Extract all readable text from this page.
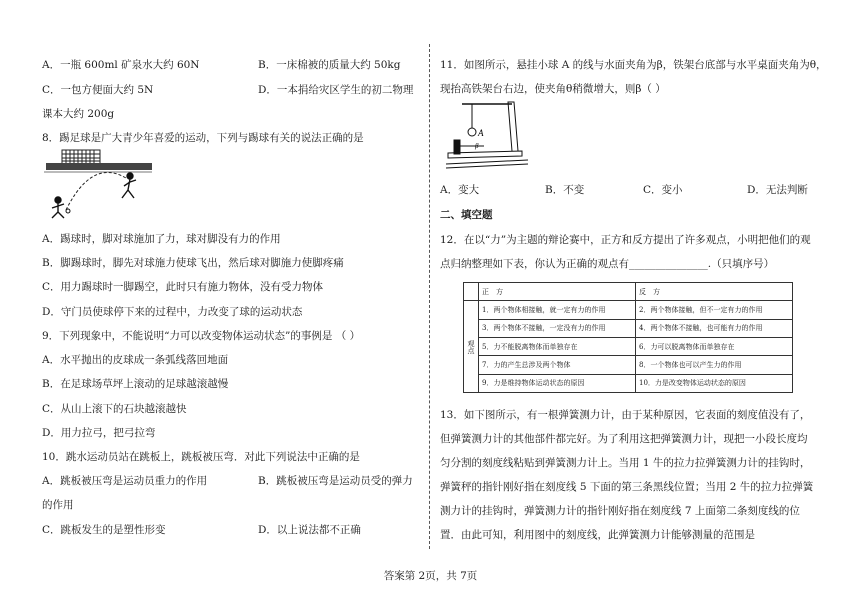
A．一瓶 600ml 矿泉水大约 60N	B．一床棉被的质量大约 50kg
C．一包方便面大约 5N	D．一本捐给灾区学生的初二物理
课本大约 200g
8．踢足球是广大青少年喜爱的运动，下列与踢球有关的说法正确的是
A．踢球时，脚对球施加了力，球对脚没有力的作用
B．脚踢球时，脚先对球施力使球飞出，然后球对脚施力使脚疼痛
C．用力踢球时一脚踢空，此时只有施力物体，没有受力物体
D．守门员使球停下来的过程中，力改变了球的运动状态
9．下列现象中，不能说明“力可以改变物体运动状态”的事例是 （ ）
A．水平抛出的皮球成一条弧线落回地面
B．在足球场草坪上滚动的足球越滚越慢
C．从山上滚下的石块越滚越快
D．用力拉弓，把弓拉弯
10．跳水运动员站在跳板上，跳板被压弯．对此下列说法中正确的是
A．跳板被压弯是运动员重力的作用	B．跳板被压弯是运动员受的弹力
的作用
C．跳板发生的是塑性形变	D．以上说法都不正确
11．如图所示，悬挂小球 A 的线与水面夹角为β，铁架台底部与水平桌面夹角为θ，
现抬高铁架台右边，使夹角θ稍微增大，则β（ ）
A
β
A．变大	B．不变	C．变小	D．无法判断
二、填空题
12．在以“力”为主题的辩论赛中，正方和反方提出了许多观点，小明把他们的观
点归纳整理如下表，你认为正确的观点有_______________.（只填序号）
	正　方	反　方
观点	1．两个物体相接触，就一定有力的作用	2．两个物体接触，但不一定有力的作用
	3．两个物体不接触，一定没有力的作用	4．两个物体不接触，也可能有力的作用
	5．力不能脱离物体而单独存在	6．力可以脱离物体而单独存在
	7．力的产生总涉及两个物体	8．一个物体也可以产生力的作用
	9．力是维持物体运动状态的原因	10．力是改变物体运动状态的原因
13．如下图所示，有一根弹簧测力计，由于某种原因，它表面的刻度值没有了，
但弹簧测力计的其他部件都完好。为了利用这把弹簧测力计，现把一小段长度均
匀分割的刻度线粘贴到弹簧测力计上。当用 1 牛的拉力拉弹簧测力计的挂钩时，
弹簧秤的指针刚好指在刻度线 5 下面的第三条黑线位置；当用 2 牛的拉力拉弹簧
测力计的挂钩时，弹簧测力计的指针刚好指在刻度线 7 上面第二条刻度线的位
置．由此可知，利用图中的刻度线，此弹簧测力计能够测量的范围是
答案第 2页，共 7页
